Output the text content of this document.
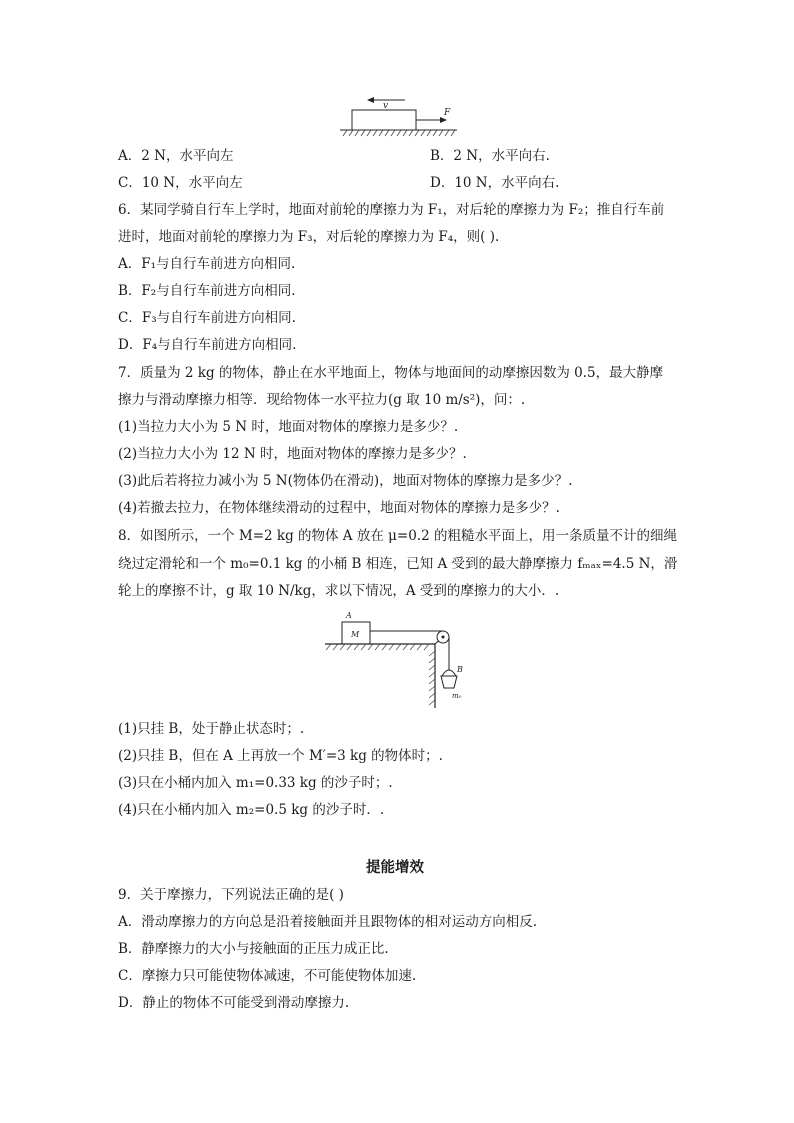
v
F
A．2 N，水平向左	B．2 N，水平向右.
C．10 N，水平向左	D．10 N，水平向右.
6．某同学骑自行车上学时，地面对前轮的摩擦力为 F₁，对后轮的摩擦力为 F₂；推自行车前
进时，地面对前轮的摩擦力为 F₃，对后轮的摩擦力为 F₄，则( ).
A．F₁与自行车前进方向相同.
B．F₂与自行车前进方向相同.
C．F₃与自行车前进方向相同.
D．F₄与自行车前进方向相同.
7．质量为 2 kg 的物体，静止在水平地面上，物体与地面间的动摩擦因数为 0.5，最大静摩
擦力与滑动摩擦力相等．现给物体一水平拉力(g 取 10 m/s²)，问：.
(1)当拉力大小为 5 N 时，地面对物体的摩擦力是多少？.
(2)当拉力大小为 12 N 时，地面对物体的摩擦力是多少？.
(3)此后若将拉力减小为 5 N(物体仍在滑动)，地面对物体的摩擦力是多少？.
(4)若撤去拉力，在物体继续滑动的过程中，地面对物体的摩擦力是多少？.
8．如图所示，一个 M=2 kg 的物体 A 放在 μ=0.2 的粗糙水平面上，用一条质量不计的细绳
绕过定滑轮和一个 m₀=0.1 kg 的小桶 B 相连，已知 A 受到的最大静摩擦力 fₘₐₓ=4.5 N，滑
轮上的摩擦不计，g 取 10 N/kg，求以下情况，A 受到的摩擦力的大小．.
A
M
B
m₀
(1)只挂 B，处于静止状态时；.
(2)只挂 B，但在 A 上再放一个 M′=3 kg 的物体时；.
(3)只在小桶内加入 m₁=0.33 kg 的沙子时；.
(4)只在小桶内加入 m₂=0.5 kg 的沙子时．.
提能增效
9．关于摩擦力，下列说法正确的是( )
A．滑动摩擦力的方向总是沿着接触面并且跟物体的相对运动方向相反.
B．静摩擦力的大小与接触面的正压力成正比.
C．摩擦力只可能使物体减速，不可能使物体加速.
D．静止的物体不可能受到滑动摩擦力.
